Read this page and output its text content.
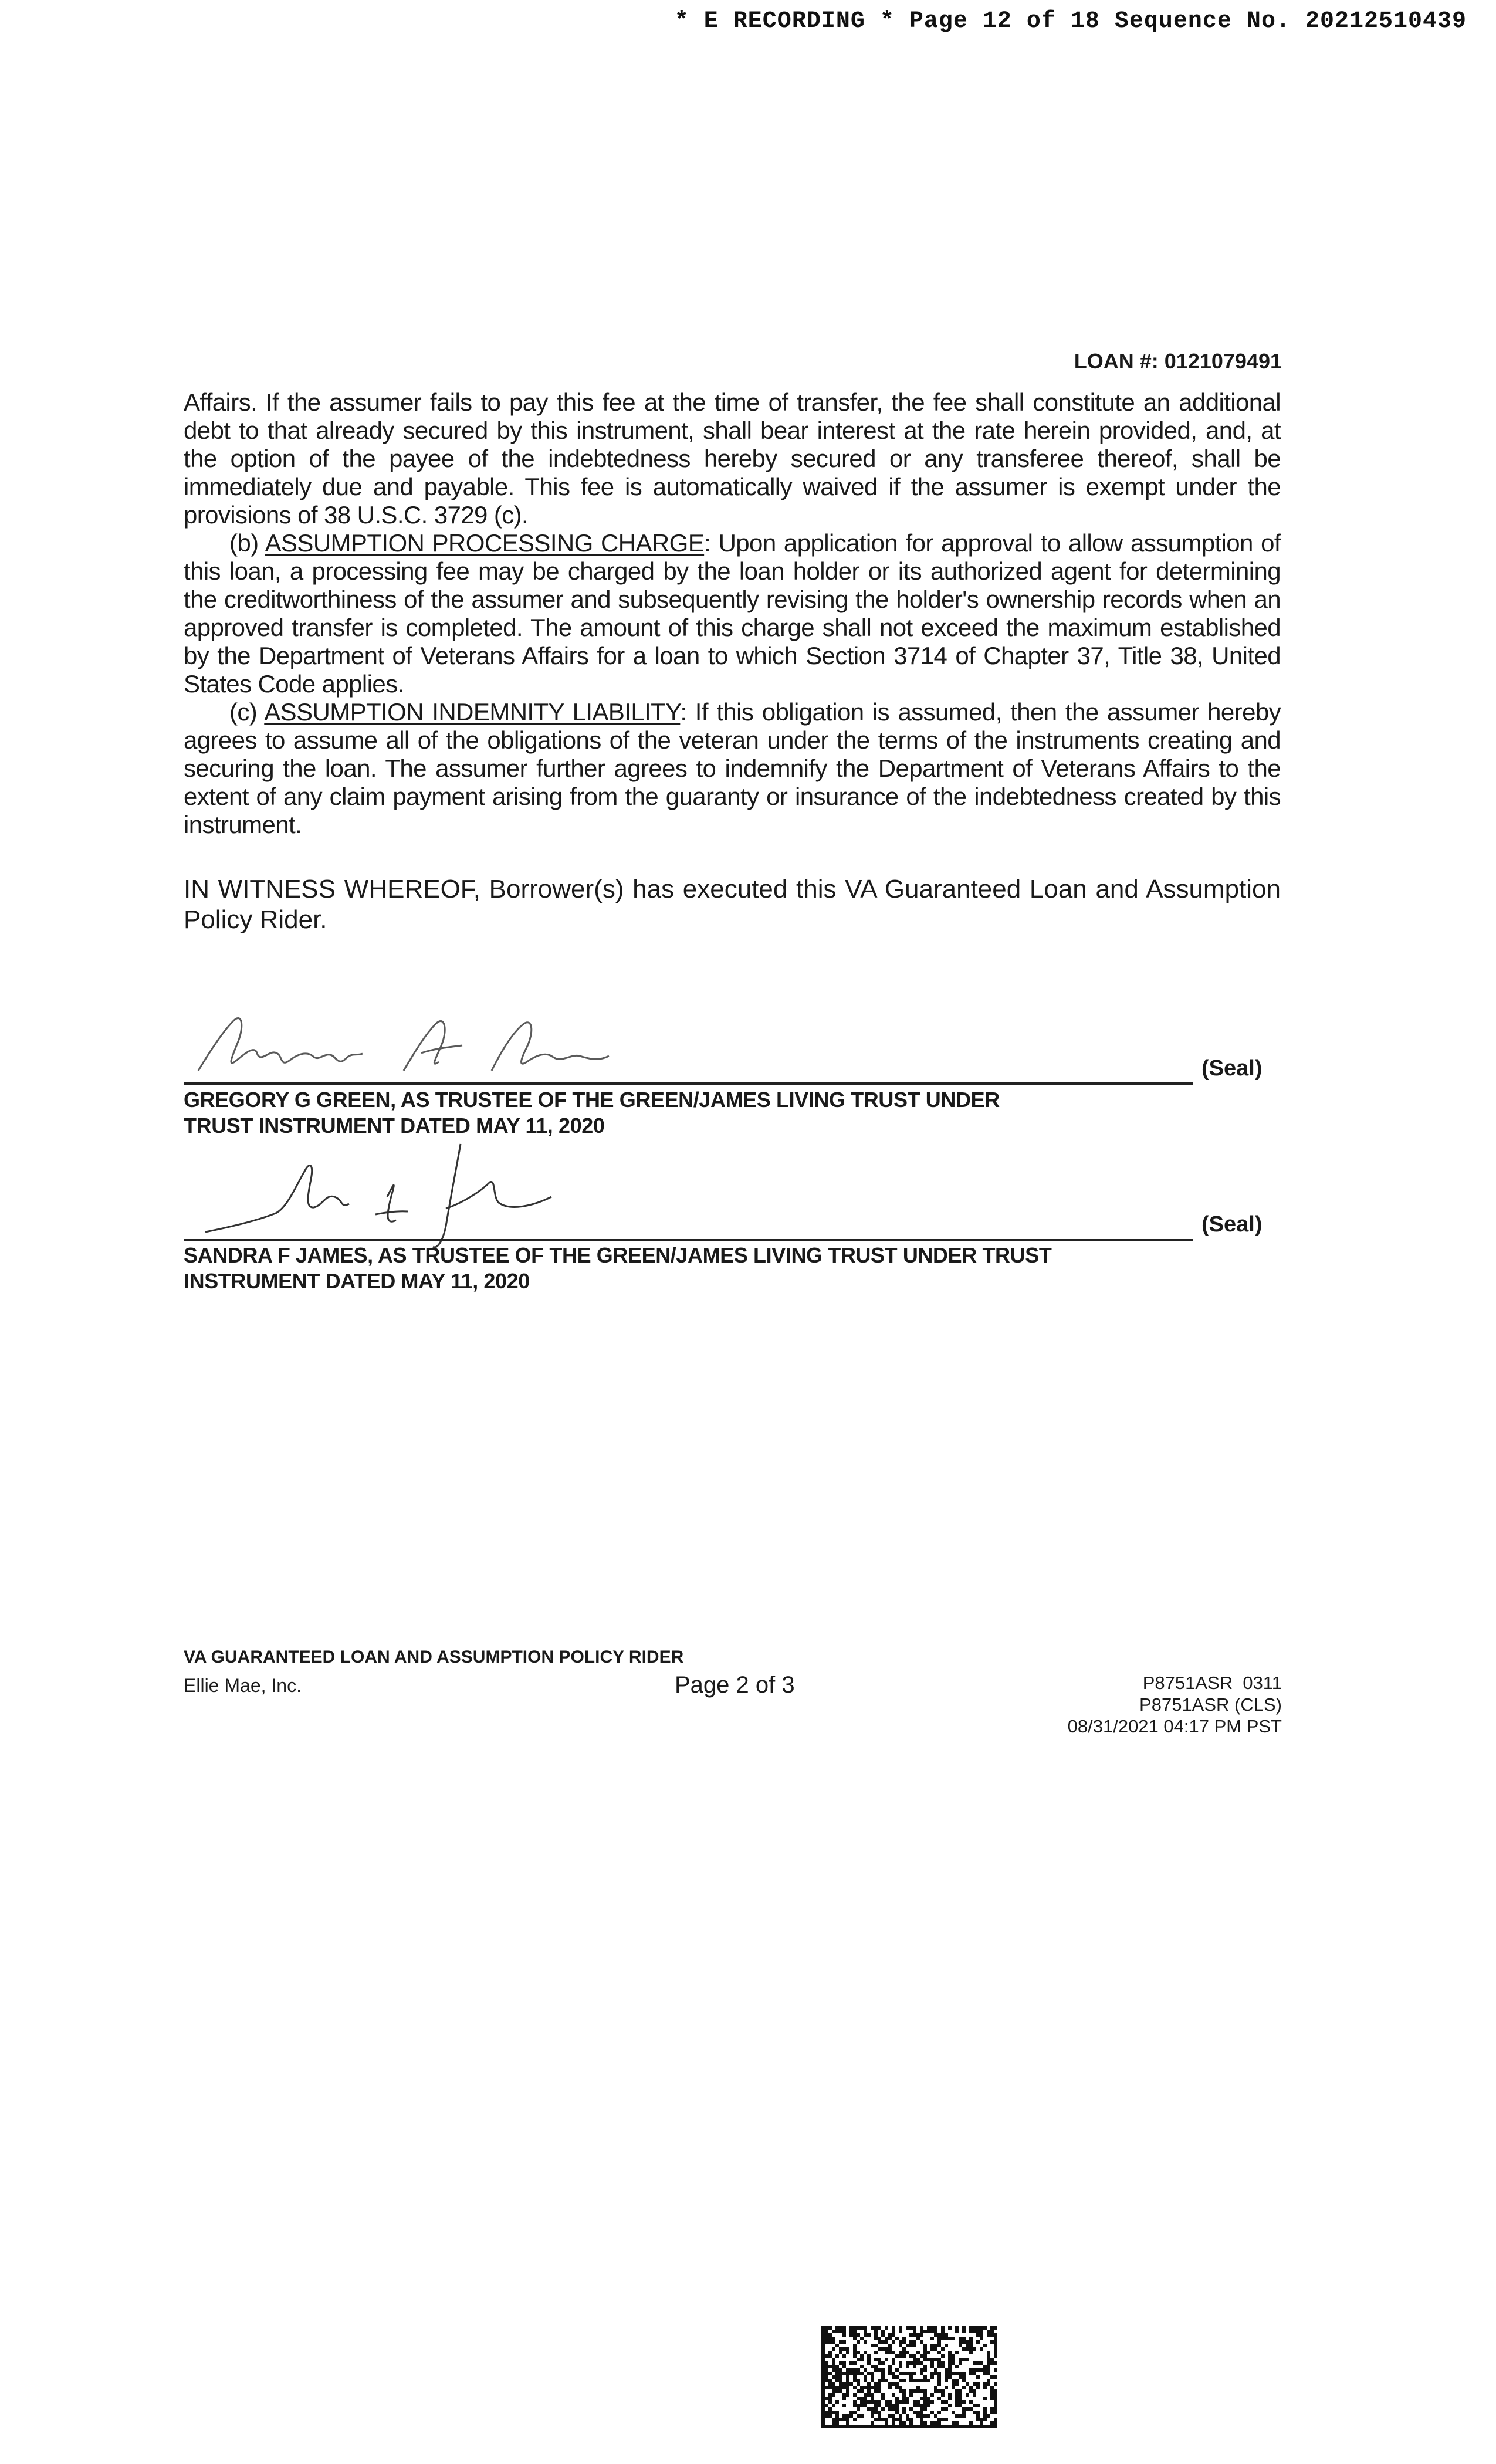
* E RECORDING * Page 12 of 18 Sequence No. 20212510439
LOAN #: 0121079491

Affairs. If the assumer fails to pay this fee at the time of transfer, the fee shall constitute an additional debt to that already secured by this instrument, shall bear interest at the rate herein provided, and, at the option of the payee of the indebtedness hereby secured or any transferee thereof, shall be immediately due and payable. This fee is automatically waived if the assumer is exempt under the provisions of 38 U.S.C. 3729 (c).

(b) ASSUMPTION PROCESSING CHARGE: Upon application for approval to allow assumption of this loan, a processing fee may be charged by the loan holder or its authorized agent for determining the creditworthiness of the assumer and subsequently revising the holder's ownership records when an approved transfer is completed. The amount of this charge shall not exceed the maximum established by the Department of Veterans Affairs for a loan to which Section 3714 of Chapter 37, Title 38, United States Code applies.

(c) ASSUMPTION INDEMNITY LIABILITY: If this obligation is assumed, then the assumer hereby agrees to assume all of the obligations of the veteran under the terms of the instruments creating and securing the loan. The assumer further agrees to indemnify the Department of Veterans Affairs to the extent of any claim payment arising from the guaranty or insurance of the indebtedness created by this instrument.

IN WITNESS WHEREOF, Borrower(s) has executed this VA Guaranteed Loan and Assumption Policy Rider.

(Seal)

GREGORY G GREEN, AS TRUSTEE OF THE GREEN/JAMES LIVING TRUST UNDER
TRUST INSTRUMENT DATED MAY 11, 2020

(Seal)

SANDRA F JAMES, AS TRUSTEE OF THE GREEN/JAMES LIVING TRUST UNDER TRUST
INSTRUMENT DATED MAY 11, 2020

VA GUARANTEED LOAN AND ASSUMPTION POLICY RIDER
Ellie Mae, Inc.	Page 2 of 3	P8751ASR  0311
P8751ASR (CLS)
08/31/2021 04:17 PM PST
